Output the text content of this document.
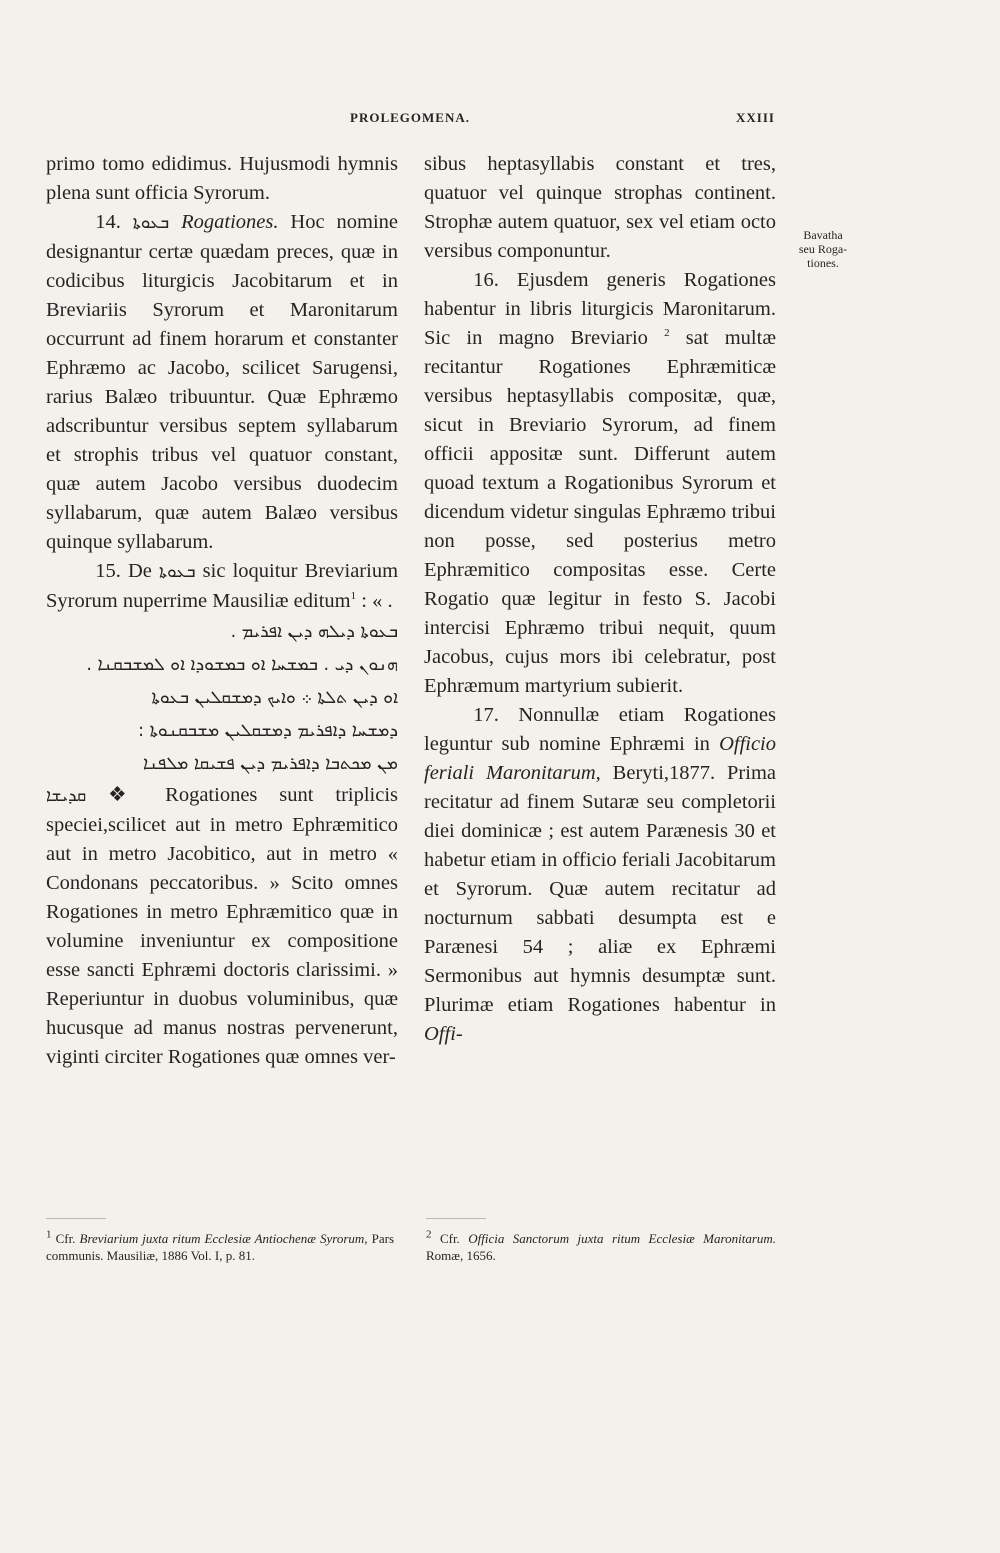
PROLEGOMENA.	XXIII

primo tomo edidimus. Hujusmodi hymnis plena sunt officia Syrorum.

14. ܒܥܘܬܐ Rogationes. Hoc nomine designantur certæ quædam preces, quæ in codicibus liturgicis Jacobitarum et in Breviariis Syrorum et Maronitarum occurrunt ad finem horarum et constanter Ephræmo ac Jacobo, scilicet Sarugensi, rarius Balæo tribuuntur. Quæ Ephræmo adscribuntur versibus septem syllabarum et strophis tribus vel quatuor constant, quæ autem Jacobo versibus duodecim syllabarum, quæ autem Balæo versibus quinque syllabarum.

15. De ܒܥܘܬܐ sic loquitur Breviarium Syrorum nuperrime Mausiliæ editum$^1$ : « .

ܒܥܘܬܐ ܕܝܠܗ ܕܝܢ ܐܦܪܝܡ .
ܗܢܘܢ ܕܝ . ܒܡܫܚܐ ܐܘ ܒܡܫܘܕܐ ܐܘ ܠܡܫܒܩܢܐ .
ܐܘ ܕܝܢ ܬܠܬܐ ܀ ܘܐܝܟ ܕܡܫܩܠܝܢ ܒܥܘܬܐ
ܕܡܫܚܐ ܕܐܦܪܝܡ ܕܡܫܩܠܝܢ ܡܫܒܩܢܘܬܐ :
ܡܢ ܡܟܬܒܐ ܕܐܦܪܝܡ ܕܝܢ ܦܫܝܩܐ ܡܠܦܢܐ

ܩܕܝܫܐ ❖ Rogationes sunt triplicis speciei,scilicet aut in metro Ephræmitico aut in metro Jacobitico, aut in metro « Condonans peccatoribus. » Scito omnes Rogationes in metro Ephræmitico quæ in volumine inveniuntur ex compositione esse sancti Ephræmi doctoris clarissimi. » Reperiuntur in duobus voluminibus, quæ hucusque ad manus nostras pervenerunt, viginti circiter Rogationes quæ omnes ver-

sibus heptasyllabis constant et tres, quatuor vel quinque strophas continent. Strophæ autem quatuor, sex vel etiam octo versibus componuntur.

16. Ejusdem generis Rogationes habentur in libris liturgicis Maronitarum. Sic in magno Breviario $^2$ sat multæ recitantur Rogationes Ephræmiticæ versibus heptasyllabis compositæ, quæ, sicut in Breviario Syrorum, ad finem officii appositæ sunt. Differunt autem quoad textum a Rogationibus Syrorum et dicendum videtur singulas Ephræmo tribui non posse, sed posterius metro Ephræmitico compositas esse. Certe Rogatio quæ legitur in festo S. Jacobi intercisi Ephræmo tribui nequit, quum Jacobus, cujus mors ibi celebratur, post Ephræmum martyrium subierit.

17. Nonnullæ etiam Rogationes leguntur sub nomine Ephræmi in Officio feriali Maronitarum, Beryti,1877. Prima recitatur ad finem Sutaræ seu completorii diei dominicæ ; est autem Parænesis 30 et habetur etiam in officio feriali Jacobitarum et Syrorum. Quæ autem recitatur ad nocturnum sabbati desumpta est e Parænesi 54 ; aliæ ex Ephræmi Sermonibus aut hymnis desumptæ sunt. Plurimæ etiam Rogationes habentur in Offi-

Bavatha
seu Roga-
tiones.
$^1$ Cfr. Breviarium juxta ritum Ecclesiæ Antiochenæ Syrorum, Pars communis. Mausiliæ, 1886 Vol. I, p. 81.
$^2$ Cfr. Officia Sanctorum juxta ritum Ecclesiæ Maronitarum. Romæ, 1656.
